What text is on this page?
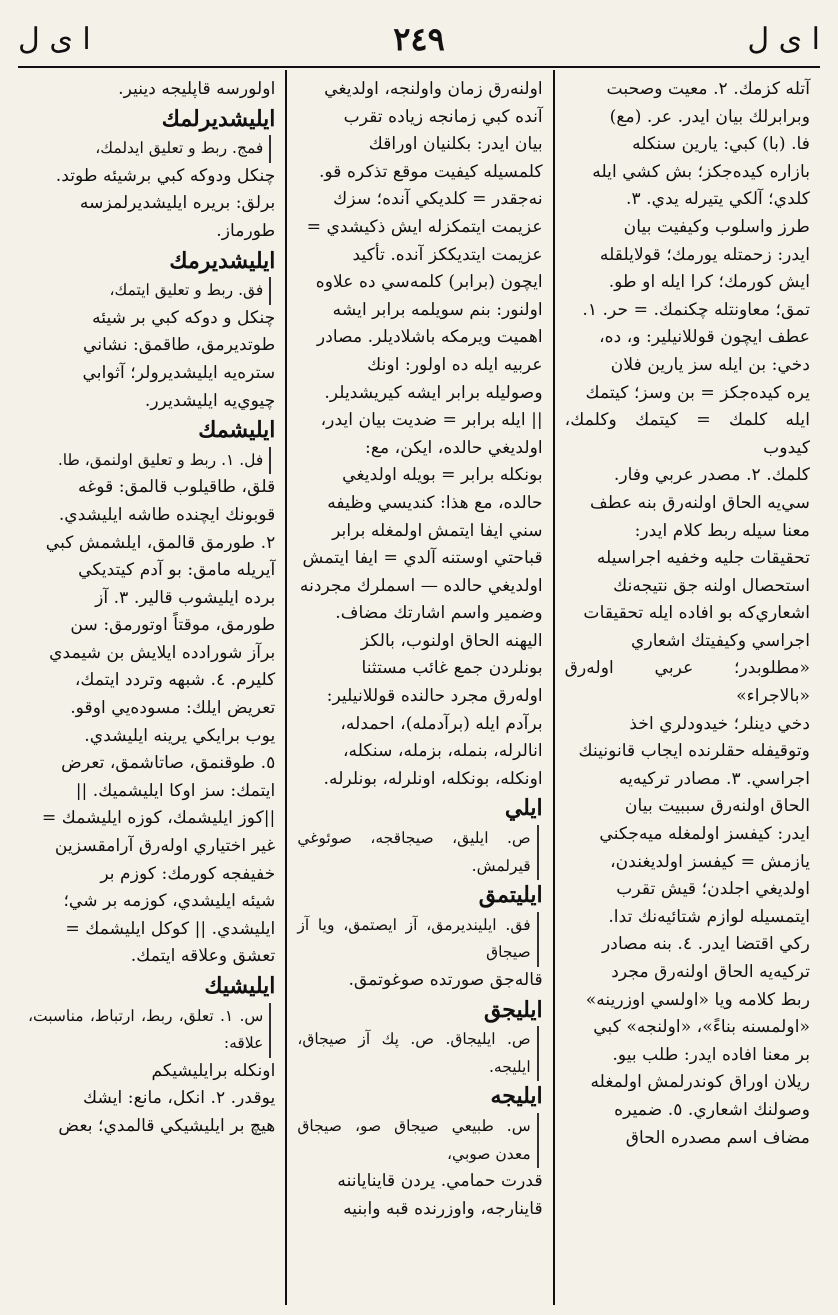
ا ی ل	٢٤٩	ا ی ل
آتله كزمك. ٢. معيت وصحبت
وبرابرلك بيان ايدر. عر. (مع)
فا. (با) كبي: يارين سنكله
بازاره كيده‌جكز؛ بش كشي ايله
كلدي؛ آلكي يتيرله يدي. ٣.
طرز واسلوب وكيفيت بيان
ايدر: زحمتله يورمك؛ قولايلقله
ايش كورمك؛ كرا ايله او طو.
تمق؛ معاونتله چكنمك. = حر. ١.
عطف ايچون قوللانيلير: و، ده،
دخي: بن ايله سز يارين فلان
يره كيده‌جكز = بن وسز؛ كيتمك
ايله كلمك = كيتمك وكلمك، كيدوب
كلمك. ٢. مصدر عربي وفار.
سي‌يه الحاق اولنه‌رق بنه عطف
معنا سيله ربط كلام ايدر:
تحقيقات جليه وخفيه اجراسيله
استحصال اولنه جق نتيجه‌نك
اشعاري‌كه بو افاده ايله تحقيقات
اجراسي وكيفيتك اشعاري
«مطلوبدر؛ عربي اوله‌رق «بالاجراء»
دخي دينلر؛ خيدودلري اخذ
وتوقيفله حقلرنده ايجاب قانونينك
اجراسي. ٣. مصادر تركيه‌يه
الحاق اولنه‌رق سببيت بيان
ايدر: كيفسز اولمغله ميه‌جكني
يازمش = كيفسز اولديغندن،
اولديغي اجلدن؛ قيش تقرب
ايتمسيله لوازم شتائيه‌نك تدا.
ركي اقتضا ايدر. ٤. بنه مصادر
تركيه‌يه الحاق اولنه‌رق مجرد
ربط كلامه ويا «اولسي اوزرينه»
«اولمسنه بناءً»، «اولنجه» كبي
بر معنا افاده ايدر: طلب بيو.
ريلان اوراق كوندرلمش اولمغله
وصولنك اشعاري. ٥. ضميره
مضاف اسم مصدره الحاق
اولنه‌رق زمان واولنجه، اولديغي
آنده كبي زمانجه زياده تقرب
بيان ايدر: بكلنيان اوراقك
كلمسيله كيفيت موقع تذكره قو.
نه‌جقدر = كلديكي آنده؛ سزك
عزيمت ايتمكزله ايش ذكيشدي =
عزيمت ايتديككز آنده. تأكيد
ايچون (برابر) كلمه‌سي ده علاوه
اولنور: بنم سويلمه برابر ايشه
اهميت ويرمكه باشلاديلر. مصادر
عربيه ايله ده اولور: اونك
وصوليله برابر ايشه كيريشديلر.
|| ايله برابر = ضديت بيان ايدر،
اولديغي حالده، ايكن، مع:
بونكله برابر = بويله اولديغي
حالده، مع هذا: كنديسي وظيفه
سني ايفا ايتمش اولمغله برابر
قباحتي اوستنه آلدي = ايفا ايتمش
اولديغي حالده — اسملرك مجردنه
وضمير واسم اشارتك مضاف.
اليهنه الحاق اولنوب، بالكز
بونلردن جمع غائب مستثنا
اوله‌رق مجرد حالنده قوللانيلير:
برآدم ايله (برآدمله)، احمدله،
انالرله، بنمله، بزمله، سنكله،
اونكله، بونكله، اونلرله، بونلرله.
ايليص. ايليق، صيجاقجه، صوئوغي قيرلمش.
ايليتمقفق. ايلينديرمق، آز ايصتمق، ويا آز صيجاق
قاله‌جق صورتده صوغوتمق.
ايليجقص. ايليجاق. ص. پك آز صيجاق، ايليجه.
ايليجهس. طبيعي صيجاق صو، صيجاق معدن صوبي،
قدرت حمامي. يردن قايناياننه
قاينارجه، واوزرنده قبه وابنيه
اولورسه قاپليجه دينير.
ايليشديرلمكفمج. ربط و تعليق ايدلمك،
چنكل ودوكه كبي برشيئه طوتد.
برلق: بريره ايليشديرلمزسه
طورماز.
ايليشديرمكفق. ربط و تعليق ايتمك،
چنكل و دوكه كبي بر شيئه
طوتديرمق، طاقمق: نشاني
ستره‌يه ايليشديرولر؛ آثوابي
چيوي‌يه ايليشديرر.
ايليشمكفل. ١. ربط و تعليق اولنمق، طا.
قلق، طاقيلوب قالمق: قوغه
قوبونك ايچنده طاشه ايليشدي.
٢. طورمق قالمق، ايلشمش كبي
آيريله مامق: بو آدم كيتديكي
برده ايليشوب قالير. ٣. آز
طورمق، موقتاً اوتورمق: سن
برآز شورادده ايلايش بن شيمدي
كليرم. ٤. شبهه وتردد ايتمك،
تعريض ايلك: مسوده‌يي اوقو.
يوب برايكي يرينه ايليشدي.
٥. طوقنمق، صاتاشمق، تعرض
ايتمك: سز اوكا ايليشميك. ||
||كوز ايليشمك، كوزه ايليشمك =
غير اختياري اوله‌رق آرامقسزين
خفيفجه كورمك: كوزم بر
شيئه ايليشدي، كوزمه بر شي؛
ايليشدي. || كوكل ايليشمك =
تعشق وعلاقه ايتمك.
ايليشيكس. ١. تعلق، ربط، ارتباط، مناسبت، علاقه:
اونكله برايليشيكم
يوقدر. ٢. انكل، مانع: ايشك
هيچ بر ايليشيكي قالمدي؛ بعض
